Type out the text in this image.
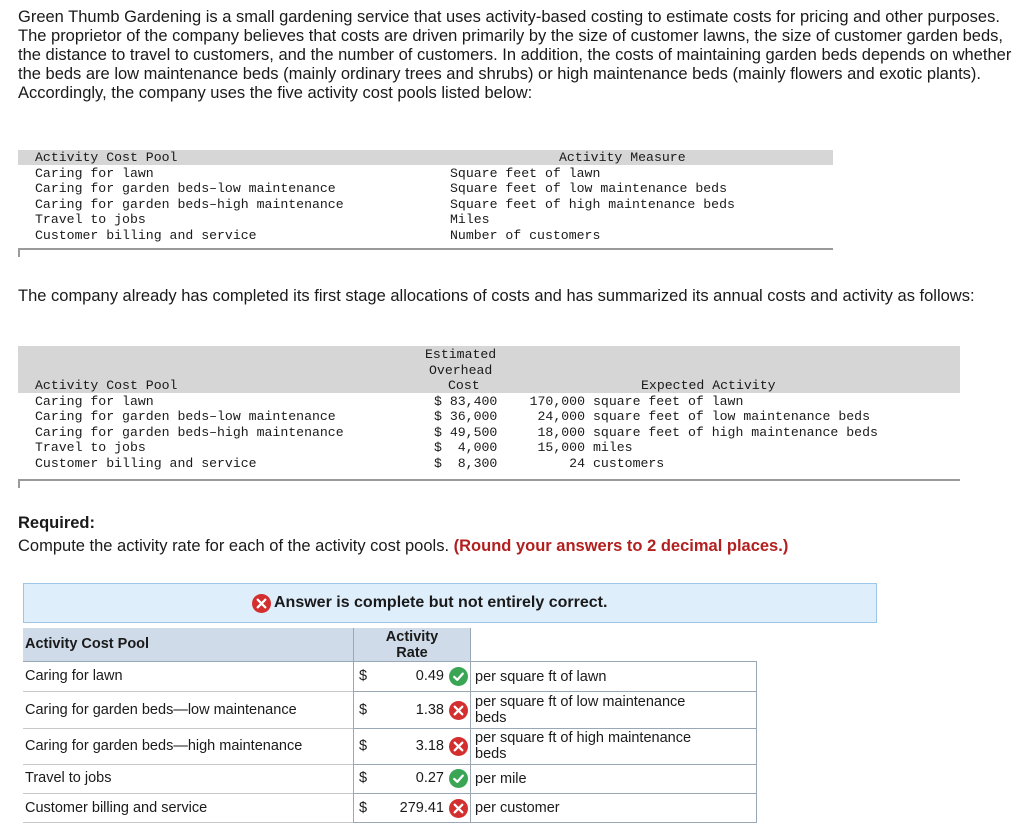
Green Thumb Gardening is a small gardening service that uses activity-based costing to estimate costs for pricing and other purposes. The proprietor of the company believes that costs are driven primarily by the size of customer lawns, the size of customer garden beds, the distance to travel to customers, and the number of customers. In addition, the costs of maintaining garden beds depends on whether the beds are low maintenance beds (mainly ordinary trees and shrubs) or high maintenance beds (mainly flowers and exotic plants). Accordingly, the company uses the five activity cost pools listed below:

Activity Cost Pool	Activity Measure
Caring for lawn	Square feet of lawn
Caring for garden beds–low maintenance	Square feet of low maintenance beds
Caring for garden beds–high maintenance	Square feet of high maintenance beds
Travel to jobs	Miles
Customer billing and service	Number of customers

The company already has completed its first stage allocations of costs and has summarized its annual costs and activity as follows:

Estimated
Overhead
Activity Cost Pool	Cost	Expected Activity
Caring for lawn	$ 83,400	170,000 square feet of lawn
Caring for garden beds–low maintenance	$ 36,000	24,000 square feet of low maintenance beds
Caring for garden beds–high maintenance	$ 49,500	18,000 square feet of high maintenance beds
Travel to jobs	$  4,000	15,000 miles
Customer billing and service	$  8,300	24 customers
Required:
Compute the activity rate for each of the activity cost pools. (Round your answers to 2 decimal places.)
Answer is complete but not entirely correct.
Activity Cost Pool	Activity
Rate
Caring for lawn	$	0.49 per square ft of lawn
Caring for garden beds—low maintenance	$	1.38 per square ft of low maintenance beds
Caring for garden beds—high maintenance	$	3.18 per square ft of high maintenance beds
Travel to jobs	$	0.27 per mile
Customer billing and service	$ 279.41 per customer
